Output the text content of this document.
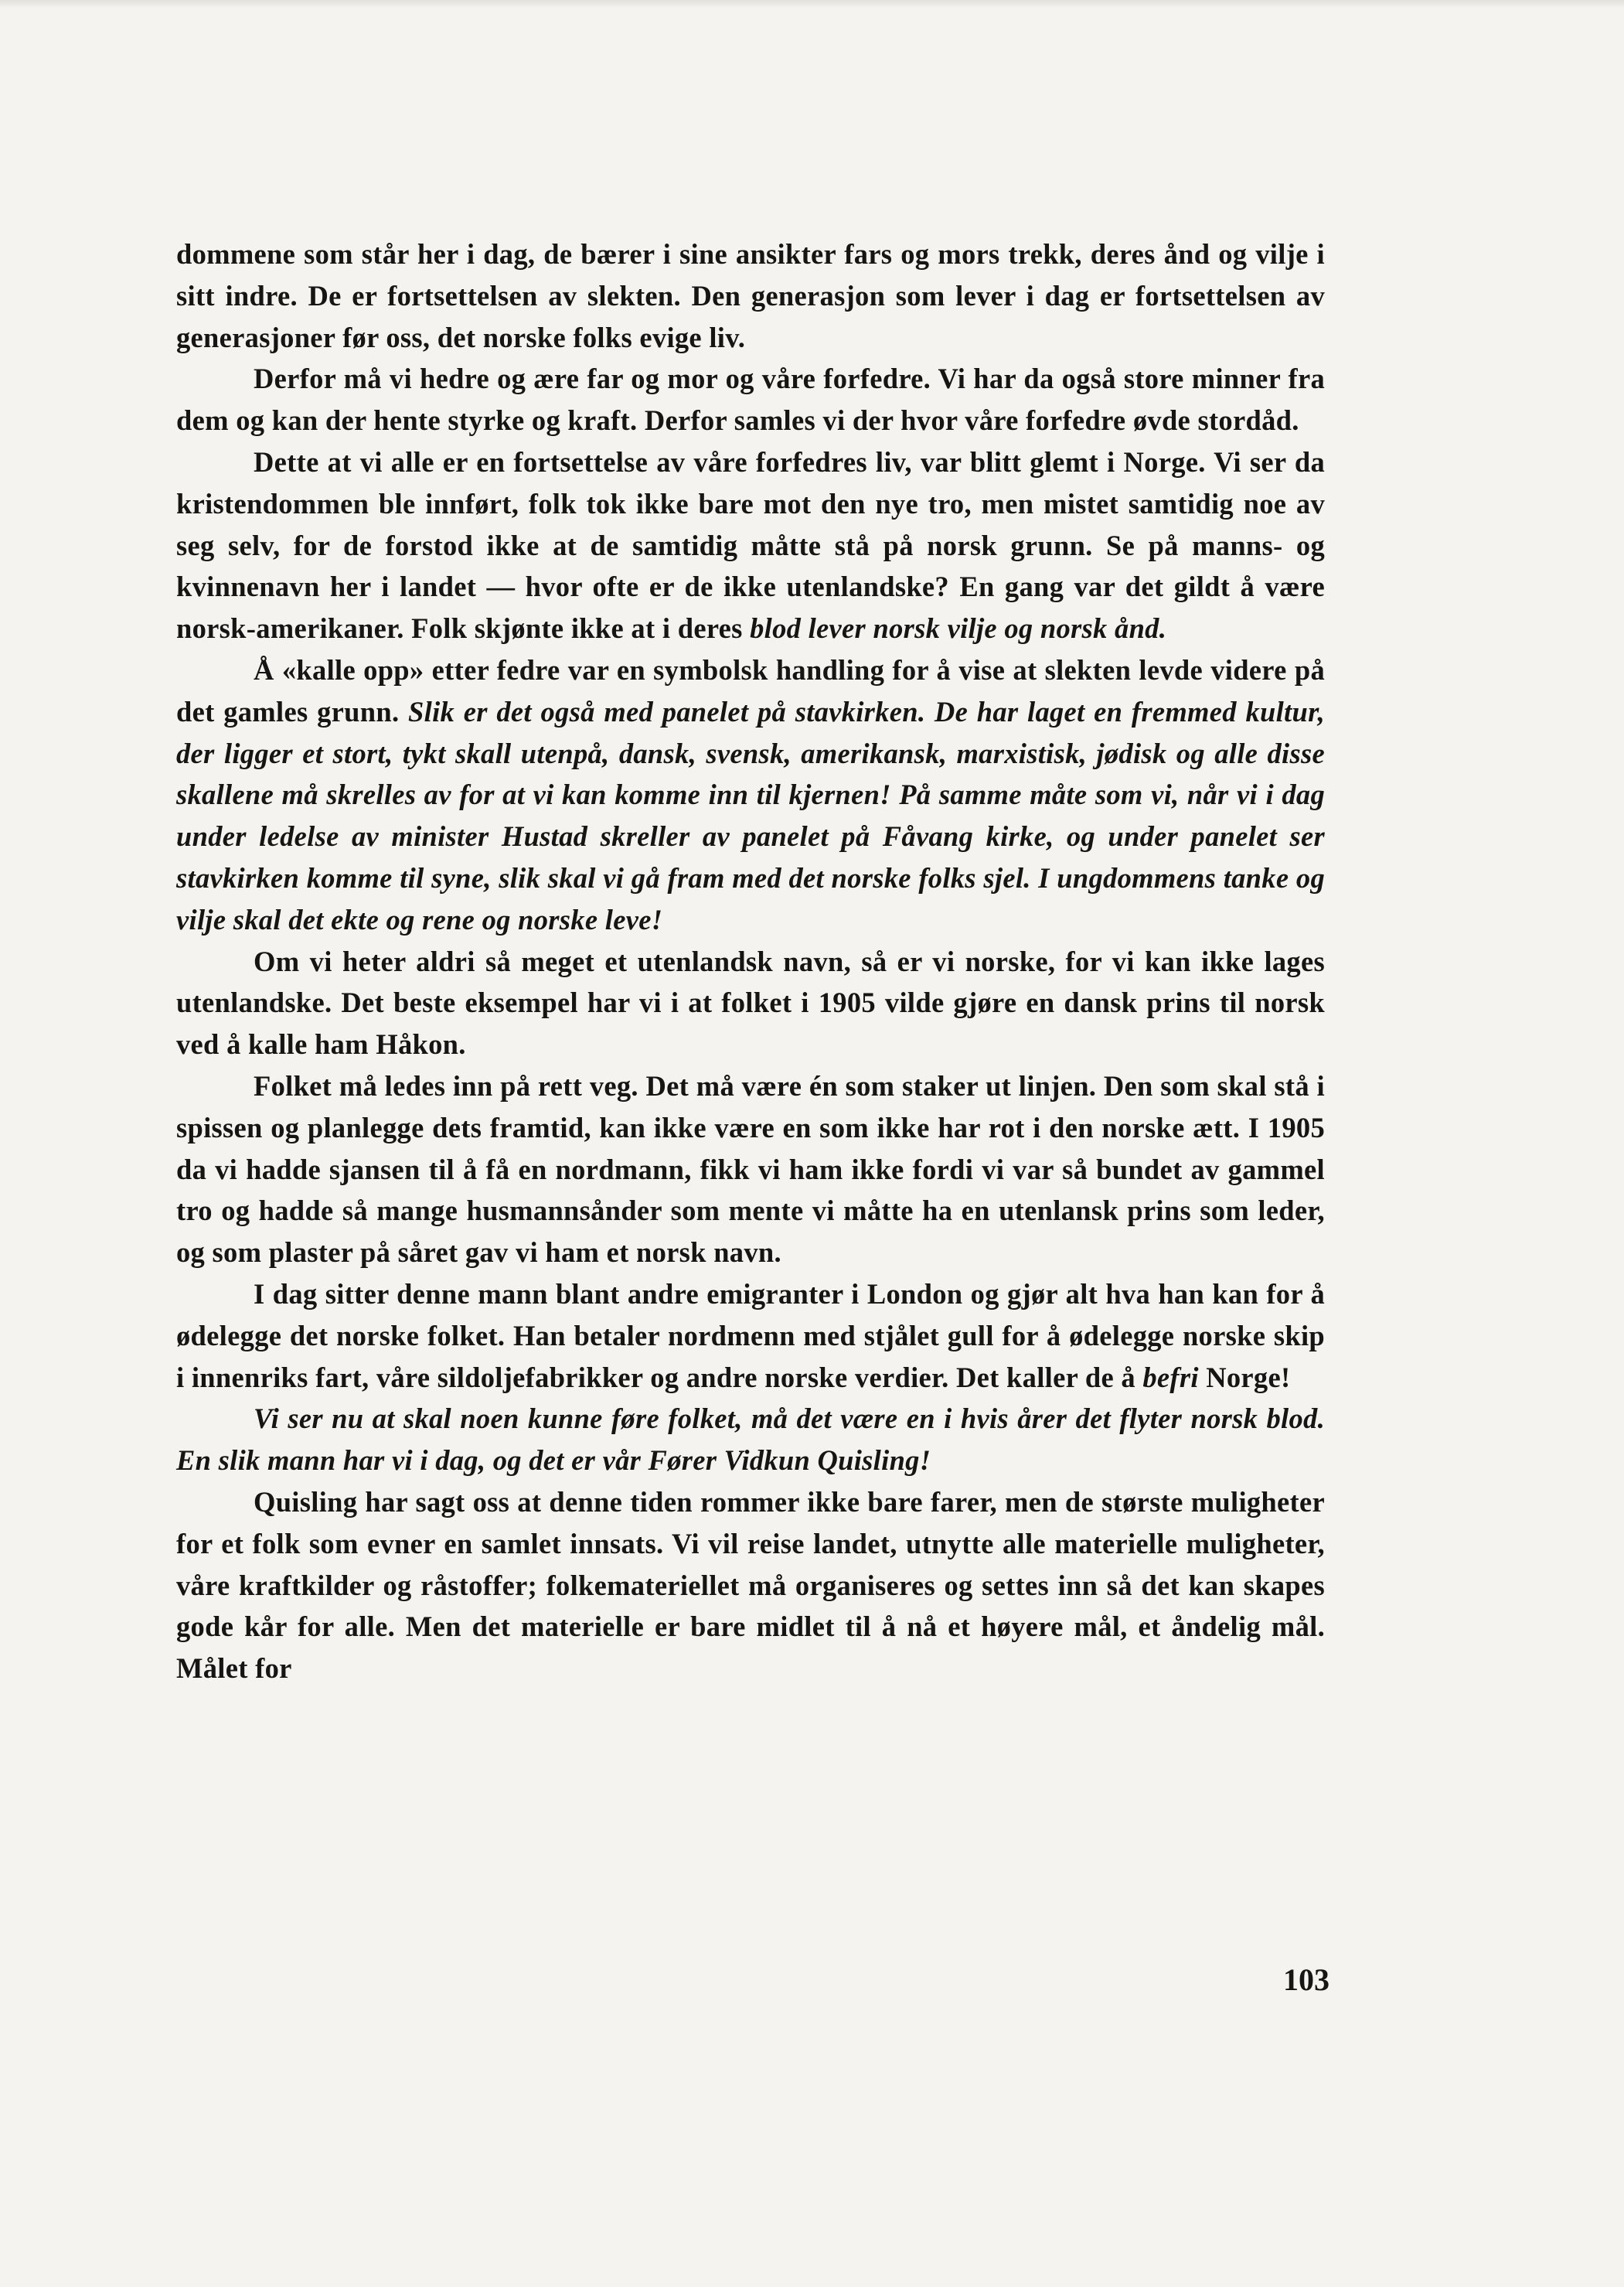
dommene som står her i dag, de bærer i sine ansikter fars og mors trekk, deres ånd og vilje i sitt indre. De er fortsettelsen av slekten. Den generasjon som lever i dag er fortsettelsen av generasjoner før oss, det norske folks evige liv.

Derfor må vi hedre og ære far og mor og våre forfedre. Vi har da også store minner fra dem og kan der hente styrke og kraft. Derfor samles vi der hvor våre forfedre øvde stordåd.

Dette at vi alle er en fortsettelse av våre forfedres liv, var blitt glemt i Norge. Vi ser da kristendommen ble innført, folk tok ikke bare mot den nye tro, men mistet samtidig noe av seg selv, for de forstod ikke at de samtidig måtte stå på norsk grunn. Se på manns- og kvinnenavn her i landet — hvor ofte er de ikke utenlandske? En gang var det gildt å være norsk-amerikaner. Folk skjønte ikke at i deres blod lever norsk vilje og norsk ånd.

Å «kalle opp» etter fedre var en symbolsk handling for å vise at slekten levde videre på det gamles grunn. Slik er det også med panelet på stavkirken. De har laget en fremmed kultur, der ligger et stort, tykt skall utenpå, dansk, svensk, amerikansk, marxistisk, jødisk og alle disse skallene må skrelles av for at vi kan komme inn til kjernen! På samme måte som vi, når vi i dag under ledelse av minister Hustad skreller av panelet på Fåvang kirke, og under panelet ser stavkirken komme til syne, slik skal vi gå fram med det norske folks sjel. I ungdommens tanke og vilje skal det ekte og rene og norske leve!

Om vi heter aldri så meget et utenlandsk navn, så er vi norske, for vi kan ikke lages utenlandske. Det beste eksempel har vi i at folket i 1905 vilde gjøre en dansk prins til norsk ved å kalle ham Håkon.

Folket må ledes inn på rett veg. Det må være én som staker ut linjen. Den som skal stå i spissen og planlegge dets framtid, kan ikke være en som ikke har rot i den norske ætt. I 1905 da vi hadde sjansen til å få en nordmann, fikk vi ham ikke fordi vi var så bundet av gammel tro og hadde så mange husmannsånder som mente vi måtte ha en utenlansk prins som leder, og som plaster på såret gav vi ham et norsk navn.

I dag sitter denne mann blant andre emigranter i London og gjør alt hva han kan for å ødelegge det norske folket. Han betaler nordmenn med stjålet gull for å ødelegge norske skip i innenriks fart, våre sildoljefabrikker og andre norske verdier. Det kaller de å befri Norge!

Vi ser nu at skal noen kunne føre folket, må det være en i hvis årer det flyter norsk blod. En slik mann har vi i dag, og det er vår Fører Vidkun Quisling!

Quisling har sagt oss at denne tiden rommer ikke bare farer, men de største muligheter for et folk som evner en samlet innsats. Vi vil reise landet, utnytte alle materielle muligheter, våre kraftkilder og råstoffer; folkemateriellet må organiseres og settes inn så det kan skapes gode kår for alle. Men det materielle er bare midlet til å nå et høyere mål, et åndelig mål. Målet for

103
